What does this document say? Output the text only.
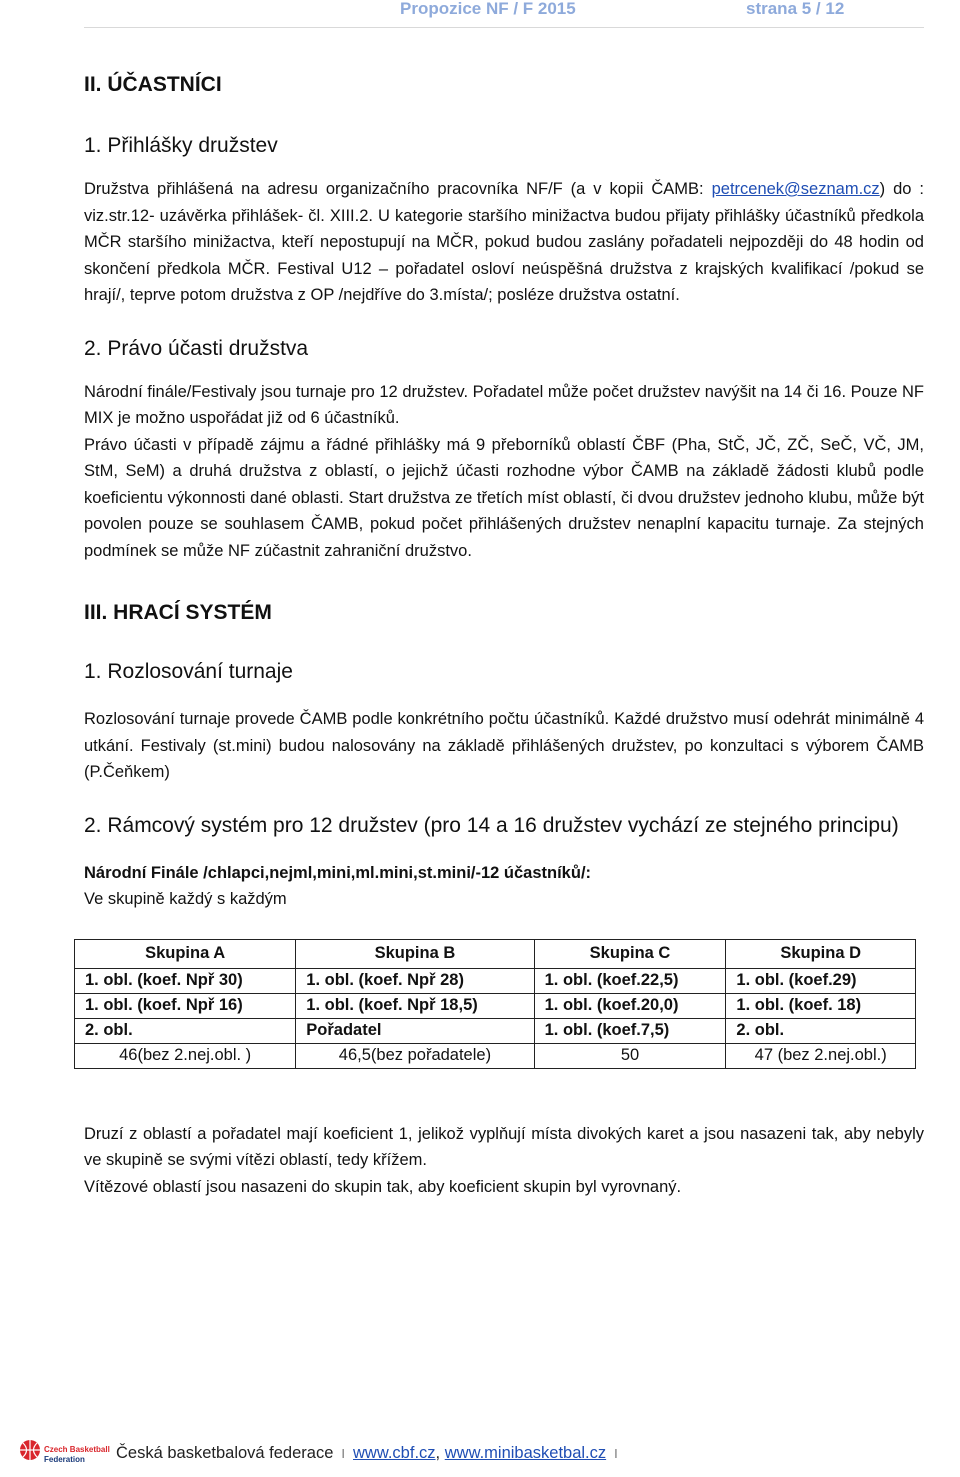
Propozice NF / F 2015	strana 5 / 12
II. ÚČASTNÍCI
1. Přihlášky družstev

Družstva přihlášená na adresu organizačního pracovníka NF/F (a v kopii ČAMB: petrcenek@seznam.cz) do : viz.str.12- uzávěrka přihlášek- čl. XIII.2. U kategorie staršího minižactva budou přijaty přihlášky účastníků předkola MČR staršího minižactva, kteří nepostupují na MČR, pokud budou zaslány pořadateli nejpozději do 48 hodin od skončení předkola MČR. Festival U12 – pořadatel osloví neúspěšná družstva z krajských kvalifikací /pokud se hrají/, teprve potom družstva z OP /nejdříve do 3.místa/; posléze družstva ostatní.

2. Právo účasti družstva

Národní finále/Festivaly jsou turnaje pro 12 družstev. Pořadatel může počet družstev navýšit na 14 či 16. Pouze NF MIX je možno uspořádat již od 6 účastníků.

Právo účasti v případě zájmu a řádné přihlášky má 9 přeborníků oblastí ČBF (Pha, StČ, JČ, ZČ, SeČ, VČ, JM, StM, SeM) a druhá družstva z oblastí, o jejichž účasti rozhodne výbor ČAMB na základě žádosti klubů podle koeficientu výkonnosti dané oblasti. Start družstva ze třetích míst oblastí, či dvou družstev jednoho klubu, může být povolen pouze se souhlasem ČAMB, pokud počet přihlášených družstev nenaplní kapacitu turnaje. Za stejných podmínek se může NF zúčastnit zahraniční družstvo.

III. HRACÍ SYSTÉM
1. Rozlosování turnaje

Rozlosování turnaje provede ČAMB podle konkrétního počtu účastníků. Každé družstvo musí odehrát minimálně 4 utkání. Festivaly (st.mini) budou nalosovány na základě přihlášených družstev, po konzultaci s výborem ČAMB (P.Čeňkem)

2. Rámcový systém pro 12 družstev (pro 14 a 16 družstev vychází ze stejného principu)

Národní Finále /chlapci,nejml,mini,ml.mini,st.mini/-12 účastníků/:

Ve skupině každý s každým

Skupina A	Skupina B	Skupina C	Skupina D
1. obl. (koef. Npř 30)	1. obl. (koef. Npř 28)	1. obl. (koef.22,5)	1. obl. (koef.29)
1. obl. (koef. Npř 16)	1. obl. (koef. Npř 18,5)	1. obl. (koef.20,0)	1. obl. (koef. 18)
2. obl.	Pořadatel	1. obl. (koef.7,5)	2. obl.
46(bez 2.nej.obl. )	46,5(bez pořadatele)	50	47 (bez 2.nej.obl.)

Druzí z oblastí a pořadatel mají koeficient 1, jelikož vyplňují místa divokých karet a jsou nasazeni tak, aby nebyly ve skupině se svými vítězi oblastí, tedy křížem.

Vítězové oblastí jsou nasazeni do skupin tak, aby koeficient skupin byl vyrovnaný.

Czech Basketball
Federation Česká basketbalová federace I www.cbf.cz, www.minibasketbal.cz I
